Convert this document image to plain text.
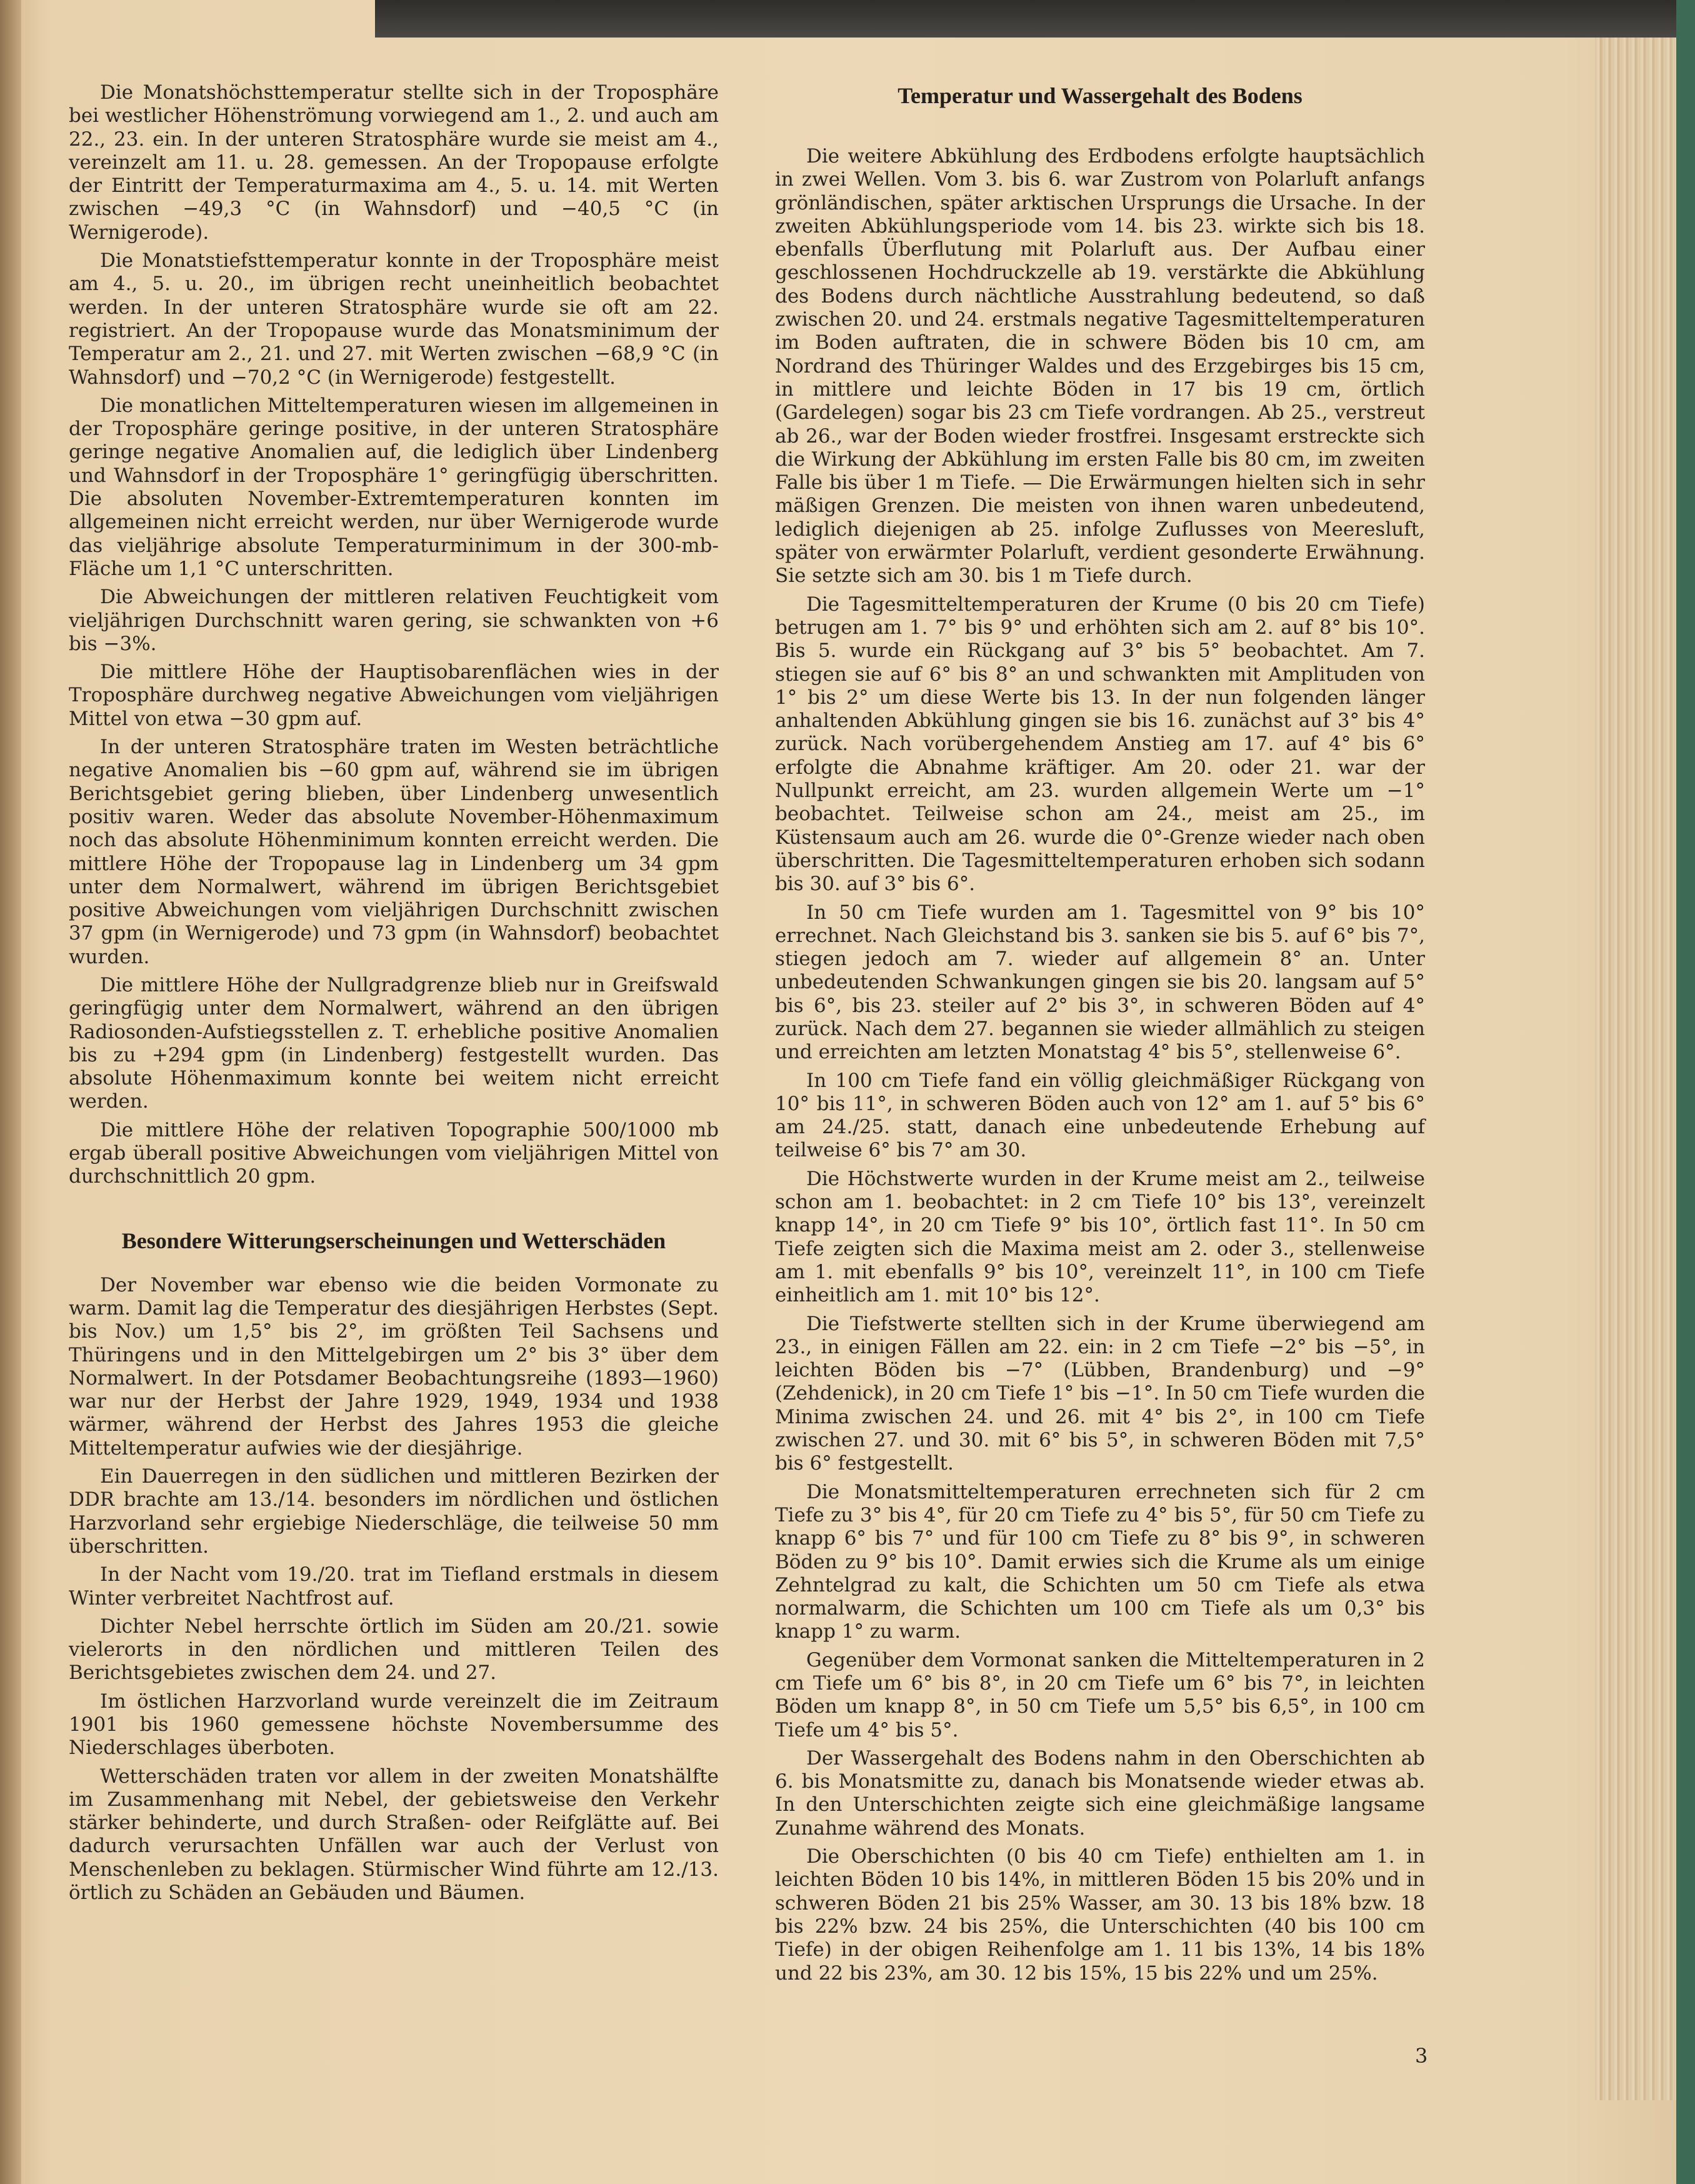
Die Monatshöchsttemperatur stellte sich in der Troposphäre bei westlicher Höhenströmung vorwiegend am 1., 2. und auch am 22., 23. ein. In der unteren Stratosphäre wurde sie meist am 4., vereinzelt am 11. u. 28. gemessen. An der Tropopause erfolgte der Eintritt der Temperaturmaxima am 4., 5. u. 14. mit Werten zwischen −49,3 °C (in Wahnsdorf) und −40,5 °C (in Wernigerode).

Die Monatstiefsttemperatur konnte in der Troposphäre meist am 4., 5. u. 20., im übrigen recht uneinheitlich beobachtet werden. In der unteren Stratosphäre wurde sie oft am 22. registriert. An der Tropopause wurde das Monatsminimum der Temperatur am 2., 21. und 27. mit Werten zwischen −68,9 °C (in Wahnsdorf) und −70,2 °C (in Wernigerode) festgestellt.

Die monatlichen Mitteltemperaturen wiesen im allgemeinen in der Troposphäre geringe positive, in der unteren Stratosphäre geringe negative Anomalien auf, die lediglich über Lindenberg und Wahnsdorf in der Troposphäre 1° geringfügig überschritten. Die absoluten November-Extremtemperaturen konnten im allgemeinen nicht erreicht werden, nur über Wernigerode wurde das vieljährige absolute Temperaturminimum in der 300-mb-Fläche um 1,1 °C unterschritten.

Die Abweichungen der mittleren relativen Feuchtigkeit vom vieljährigen Durchschnitt waren gering, sie schwankten von +6 bis −3%.

Die mittlere Höhe der Hauptisobarenflächen wies in der Troposphäre durchweg negative Abweichungen vom vieljährigen Mittel von etwa −30 gpm auf.

In der unteren Stratosphäre traten im Westen beträchtliche negative Anomalien bis −60 gpm auf, während sie im übrigen Berichtsgebiet gering blieben, über Lindenberg unwesentlich positiv waren. Weder das absolute November-Höhenmaximum noch das absolute Höhenminimum konnten erreicht werden. Die mittlere Höhe der Tropopause lag in Lindenberg um 34 gpm unter dem Normalwert, während im übrigen Berichtsgebiet positive Abweichungen vom vieljährigen Durchschnitt zwischen 37 gpm (in Wernigerode) und 73 gpm (in Wahnsdorf) beobachtet wurden.

Die mittlere Höhe der Nullgradgrenze blieb nur in Greifswald geringfügig unter dem Normalwert, während an den übrigen Radiosonden-Aufstiegsstellen z. T. erhebliche positive Anomalien bis zu +294 gpm (in Lindenberg) festgestellt wurden. Das absolute Höhenmaximum konnte bei weitem nicht erreicht werden.

Die mittlere Höhe der relativen Topographie 500/1000 mb ergab überall positive Abweichungen vom vieljährigen Mittel von durchschnittlich 20 gpm.

Besondere Witterungserscheinungen und Wetterschäden

Der November war ebenso wie die beiden Vormonate zu warm. Damit lag die Temperatur des diesjährigen Herbstes (Sept. bis Nov.) um 1,5° bis 2°, im größten Teil Sachsens und Thüringens und in den Mittelgebirgen um 2° bis 3° über dem Normalwert. In der Potsdamer Beobachtungsreihe (1893—1960) war nur der Herbst der Jahre 1929, 1949, 1934 und 1938 wärmer, während der Herbst des Jahres 1953 die gleiche Mitteltemperatur aufwies wie der diesjährige.

Ein Dauerregen in den südlichen und mittleren Bezirken der DDR brachte am 13./14. besonders im nördlichen und östlichen Harzvorland sehr ergiebige Niederschläge, die teilweise 50 mm überschritten.

In der Nacht vom 19./20. trat im Tiefland erstmals in diesem Winter verbreitet Nachtfrost auf.

Dichter Nebel herrschte örtlich im Süden am 20./21. sowie vielerorts in den nördlichen und mittleren Teilen des Berichtsgebietes zwischen dem 24. und 27.

Im östlichen Harzvorland wurde vereinzelt die im Zeitraum 1901 bis 1960 gemessene höchste Novembersumme des Niederschlages überboten.

Wetterschäden traten vor allem in der zweiten Monatshälfte im Zusammenhang mit Nebel, der gebietsweise den Verkehr stärker behinderte, und durch Straßen- oder Reifglätte auf. Bei dadurch verursachten Unfällen war auch der Verlust von Menschenleben zu beklagen. Stürmischer Wind führte am 12./13. örtlich zu Schäden an Gebäuden und Bäumen.

Temperatur und Wassergehalt des Bodens

Die weitere Abkühlung des Erdbodens erfolgte hauptsächlich in zwei Wellen. Vom 3. bis 6. war Zustrom von Polarluft anfangs grönländischen, später arktischen Ursprungs die Ursache. In der zweiten Abkühlungsperiode vom 14. bis 23. wirkte sich bis 18. ebenfalls Überflutung mit Polarluft aus. Der Aufbau einer geschlossenen Hochdruckzelle ab 19. verstärkte die Abkühlung des Bodens durch nächtliche Ausstrahlung bedeutend, so daß zwischen 20. und 24. erstmals negative Tagesmitteltemperaturen im Boden auftraten, die in schwere Böden bis 10 cm, am Nordrand des Thüringer Waldes und des Erzgebirges bis 15 cm, in mittlere und leichte Böden in 17 bis 19 cm, örtlich (Gardelegen) sogar bis 23 cm Tiefe vordrangen. Ab 25., verstreut ab 26., war der Boden wieder frostfrei. Insgesamt erstreckte sich die Wirkung der Abkühlung im ersten Falle bis 80 cm, im zweiten Falle bis über 1 m Tiefe. — Die Erwärmungen hielten sich in sehr mäßigen Grenzen. Die meisten von ihnen waren unbedeutend, lediglich diejenigen ab 25. infolge Zuflusses von Meeresluft, später von erwärmter Polarluft, verdient gesonderte Erwähnung. Sie setzte sich am 30. bis 1 m Tiefe durch.

Die Tagesmitteltemperaturen der Krume (0 bis 20 cm Tiefe) betrugen am 1. 7° bis 9° und erhöhten sich am 2. auf 8° bis 10°. Bis 5. wurde ein Rückgang auf 3° bis 5° beobachtet. Am 7. stiegen sie auf 6° bis 8° an und schwankten mit Amplituden von 1° bis 2° um diese Werte bis 13. In der nun folgenden länger anhaltenden Abkühlung gingen sie bis 16. zunächst auf 3° bis 4° zurück. Nach vorübergehendem Anstieg am 17. auf 4° bis 6° erfolgte die Abnahme kräftiger. Am 20. oder 21. war der Nullpunkt erreicht, am 23. wurden allgemein Werte um −1° beobachtet. Teilweise schon am 24., meist am 25., im Küstensaum auch am 26. wurde die 0°-Grenze wieder nach oben überschritten. Die Tagesmitteltemperaturen erhoben sich sodann bis 30. auf 3° bis 6°.

In 50 cm Tiefe wurden am 1. Tagesmittel von 9° bis 10° errechnet. Nach Gleichstand bis 3. sanken sie bis 5. auf 6° bis 7°, stiegen jedoch am 7. wieder auf allgemein 8° an. Unter unbedeutenden Schwankungen gingen sie bis 20. langsam auf 5° bis 6°, bis 23. steiler auf 2° bis 3°, in schweren Böden auf 4° zurück. Nach dem 27. begannen sie wieder allmählich zu steigen und erreichten am letzten Monatstag 4° bis 5°, stellenweise 6°.

In 100 cm Tiefe fand ein völlig gleichmäßiger Rückgang von 10° bis 11°, in schweren Böden auch von 12° am 1. auf 5° bis 6° am 24./25. statt, danach eine unbedeutende Erhebung auf teilweise 6° bis 7° am 30.

Die Höchstwerte wurden in der Krume meist am 2., teilweise schon am 1. beobachtet: in 2 cm Tiefe 10° bis 13°, vereinzelt knapp 14°, in 20 cm Tiefe 9° bis 10°, örtlich fast 11°. In 50 cm Tiefe zeigten sich die Maxima meist am 2. oder 3., stellenweise am 1. mit ebenfalls 9° bis 10°, vereinzelt 11°, in 100 cm Tiefe einheitlich am 1. mit 10° bis 12°.

Die Tiefstwerte stellten sich in der Krume überwiegend am 23., in einigen Fällen am 22. ein: in 2 cm Tiefe −2° bis −5°, in leichten Böden bis −7° (Lübben, Brandenburg) und −9° (Zehdenick), in 20 cm Tiefe 1° bis −1°. In 50 cm Tiefe wurden die Minima zwischen 24. und 26. mit 4° bis 2°, in 100 cm Tiefe zwischen 27. und 30. mit 6° bis 5°, in schweren Böden mit 7,5° bis 6° festgestellt.

Die Monatsmitteltemperaturen errechneten sich für 2 cm Tiefe zu 3° bis 4°, für 20 cm Tiefe zu 4° bis 5°, für 50 cm Tiefe zu knapp 6° bis 7° und für 100 cm Tiefe zu 8° bis 9°, in schweren Böden zu 9° bis 10°. Damit erwies sich die Krume als um einige Zehntelgrad zu kalt, die Schichten um 50 cm Tiefe als etwa normalwarm, die Schichten um 100 cm Tiefe als um 0,3° bis knapp 1° zu warm.

Gegenüber dem Vormonat sanken die Mitteltemperaturen in 2 cm Tiefe um 6° bis 8°, in 20 cm Tiefe um 6° bis 7°, in leichten Böden um knapp 8°, in 50 cm Tiefe um 5,5° bis 6,5°, in 100 cm Tiefe um 4° bis 5°.

Der Wassergehalt des Bodens nahm in den Oberschichten ab 6. bis Monatsmitte zu, danach bis Monatsende wieder etwas ab. In den Unterschichten zeigte sich eine gleichmäßige langsame Zunahme während des Monats.

Die Oberschichten (0 bis 40 cm Tiefe) enthielten am 1. in leichten Böden 10 bis 14%, in mittleren Böden 15 bis 20% und in schweren Böden 21 bis 25% Wasser, am 30. 13 bis 18% bzw. 18 bis 22% bzw. 24 bis 25%, die Unterschichten (40 bis 100 cm Tiefe) in der obigen Reihenfolge am 1. 11 bis 13%, 14 bis 18% und 22 bis 23%, am 30. 12 bis 15%, 15 bis 22% und um 25%.

3
